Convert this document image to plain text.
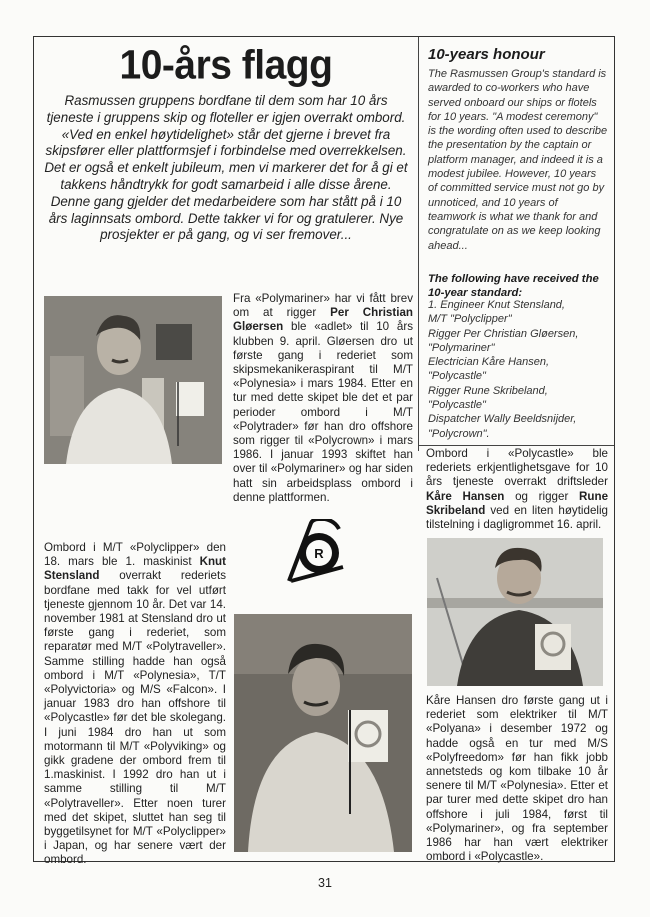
10-års flagg

Rasmussen gruppens bordfane til dem som har 10 års tjeneste i gruppens skip og floteller er igjen overrakt ombord. «Ved en enkel høytidelighet» står det gjerne i brevet fra skipsfører eller plattformsjef i forbindelse med overrekkelsen.

Det er også et enkelt jubileum, men vi markerer det for å gi et takkens håndtrykk for godt samarbeid i alle disse årene. Denne gang gjelder det medarbeidere som har stått på i 10 års laginnsats ombord. Dette takker vi for og gratulerer. Nye prosjekter er på gang, og vi ser fremover...

10-years honour
The Rasmussen Group's standard is awarded to co-workers who have served onboard our ships or flotels for 10 years. "A modest ceremony" is the wording often used to describe the presentation by the captain or platform manager, and indeed it is a modest jubilee. However, 10 years of committed service must not go by unnoticed, and 10 years of teamwork is what we thank for and congratulate on as we keep looking ahead...
The following have received the 10-year standard:
1. Engineer Knut Stensland,
M/T "Polyclipper"
Rigger Per Christian Gløersen,
"Polymariner"
Electrician Kåre Hansen,
"Polycastle"
Rigger Rune Skribeland,
"Polycastle"
Dispatcher Wally Beeldsnijder,
"Polycrown".
Fra «Polymariner» har vi fått brev om at rigger Per Christian Gløersen ble «adlet» til 10 års klubben 9. april. Gløersen dro ut første gang i rederiet som skipsmekanikeraspirant til M/T «Polynesia» i mars 1984. Etter en tur med dette skipet ble det et par perioder ombord i M/T «Polytrader» før han dro offshore som rigger til «Polycrown» i mars 1986. I januar 1993 skiftet han over til «Polymariner» og har siden hatt sin arbeidsplass ombord i denne plattformen.
R
Ombord i M/T «Polyclipper» den 18. mars ble 1. maskinist Knut Stensland overrakt rederiets bordfane med takk for vel utført tjeneste gjennom 10 år. Det var 14. november 1981 at Stensland dro ut første gang i rederiet, som reparatør med M/T «Polytraveller». Samme stilling hadde han også ombord i M/T «Polynesia», T/T «Polyvictoria» og M/S «Falcon». I januar 1983 dro han offshore til «Polycastle» før det ble skolegang. I juni 1984 dro han ut som motormann til M/T «Polyviking» og gikk gradene der ombord frem til 1.maskinist. I 1992 dro han ut i samme stilling til M/T «Polytraveller». Etter noen turer med det skipet, sluttet han seg til byggetilsynet for M/T «Polyclipper» i Japan, og har senere vært der ombord.
Ombord i «Polycastle» ble rederiets erkjentlighetsgave for 10 års tjeneste overrakt driftsleder Kåre Hansen og rigger Rune Skribeland ved en liten høytidelig tilstelning i dagligrommet 16. april.
Kåre Hansen dro første gang ut i rederiet som elektriker til M/T «Polyana» i desember 1972 og hadde også en tur med M/S «Polyfreedom» før han fikk jobb annetsteds og kom tilbake 10 år senere til M/T «Polynesia». Etter et par turer med dette skipet dro han offshore i juli 1984, først til «Polymariner», og fra september 1986 har han vært elektriker ombord i «Polycastle».
31
